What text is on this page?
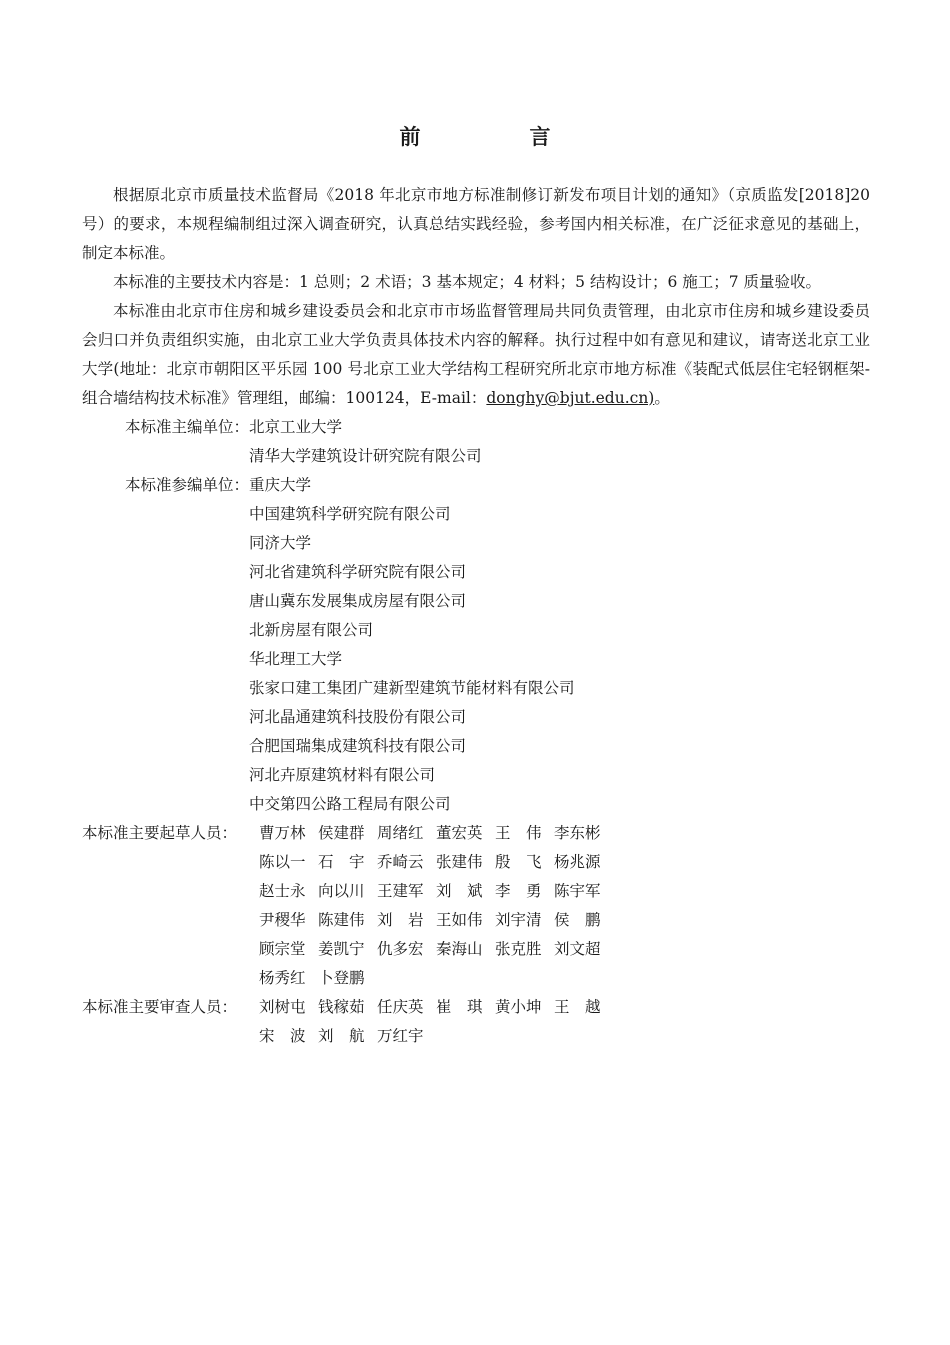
前　言

根据原北京市质量技术监督局《2018 年北京市地方标准制修订新发布项目计划的通知》（京质监发[2018]20 号）的要求，本规程编制组过深入调查研究，认真总结实践经验，参考国内相关标准，在广泛征求意见的基础上，制定本标准。

本标准的主要技术内容是：1 总则；2 术语；3 基本规定；4 材料；5 结构设计；6 施工；7 质量验收。

本标准由北京市住房和城乡建设委员会和北京市市场监督管理局共同负责管理，由北京市住房和城乡建设委员会归口并负责组织实施，由北京工业大学负责具体技术内容的解释。执行过程中如有意见和建议，请寄送北京工业大学(地址：北京市朝阳区平乐园 100 号北京工业大学结构工程研究所北京市地方标准《装配式低层住宅轻钢框架-组合墙结构技术标准》管理组，邮编：100124，E-mail：donghy@bjut.edu.cn)。

本标准主编单位： 北京工业大学
清华大学建筑设计研究院有限公司
本标准参编单位： 重庆大学
中国建筑科学研究院有限公司
同济大学
河北省建筑科学研究院有限公司
唐山冀东发展集成房屋有限公司
北新房屋有限公司
华北理工大学
张家口建工集团广建新型建筑节能材料有限公司
河北晶通建筑科技股份有限公司
合肥国瑞集成建筑科技有限公司
河北卉原建筑材料有限公司
中交第四公路工程局有限公司
本标准主要起草人员：	曹万林 侯建群 周绪红 董宏英 王　伟 李东彬
陈以一 石　宇 乔崎云 张建伟 殷　飞 杨兆源
赵士永 向以川 王建军 刘　斌 李　勇 陈宇军
尹稷华 陈建伟 刘　岩 王如伟 刘宇清 侯　鹏
顾宗堂 姜凯宁 仇多宏 秦海山 张克胜 刘文超
杨秀红 卜登鹏
本标准主要审查人员：	刘树屯 钱稼茹 任庆英 崔　琪 黄小坤 王　越
宋　波 刘　航 万红宇
